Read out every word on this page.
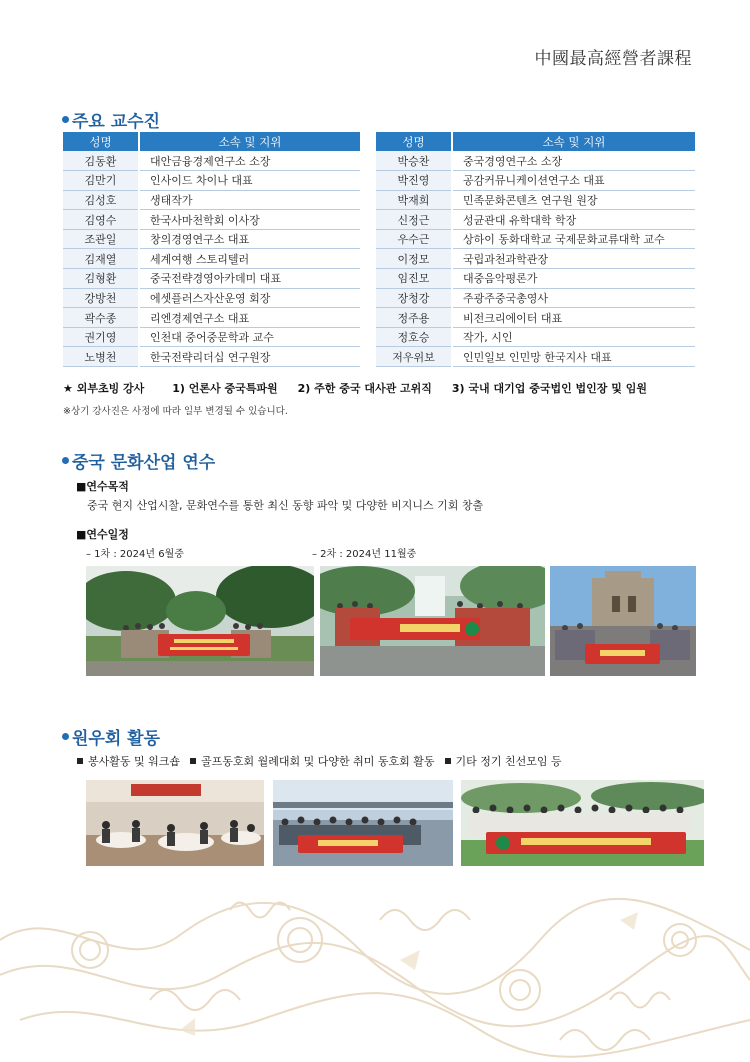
中國最高經營者課程
주요 교수진
성명	소속 및 지위
김동환	대안금융경제연구소 소장
김만기	인사이드 차이나 대표
김성호	생태작가
김영수	한국사마천학회 이사장
조관일	창의경영연구소 대표
김재열	세계여행 스토리텔러
김형환	중국전략경영아카데미 대표
강방천	에셋플러스자산운영 회장
곽수종	리엔경제연구소 대표
권기영	인천대 중어중문학과 교수
노병천	한국전략리더십 연구원장
성명	소속 및 지위
박승찬	중국경영연구소 소장
박진영	공감커뮤니케이션연구소 대표
박재희	민족문화콘텐츠 연구원 원장
신정근	성균관대 유학대학 학장
우수근	상하이 동화대학교 국제문화교류대학 교수
이정모	국립과천과학관장
임진모	대중음악평론가
장청강	주광주중국총영사
정주용	비전크리에이터 대표
정호승	작가, 시인
저우위보	인민일보 인민망 한국지사 대표
★ 외부초빙 강사	1) 언론사 중국특파원 2) 주한 중국 대사관 고위직 3) 국내 대기업 중국법인 법인장 및 임원
※상기 강사진은 사정에 따라 일부 변경될 수 있습니다.
중국 문화산업 연수
■연수목적
중국 현지 산업시찰, 문화연수를 통한 최신 동향 파악 및 다양한 비지니스 기회 창출
■연수일정
– 1차 : 2024년 6월중	– 2차 : 2024년 11월중
원우회 활동
봉사활동 및 워크숍	골프동호회 월례대회 및 다양한 취미 동호회 활동	기타 정기 친선모임 등
